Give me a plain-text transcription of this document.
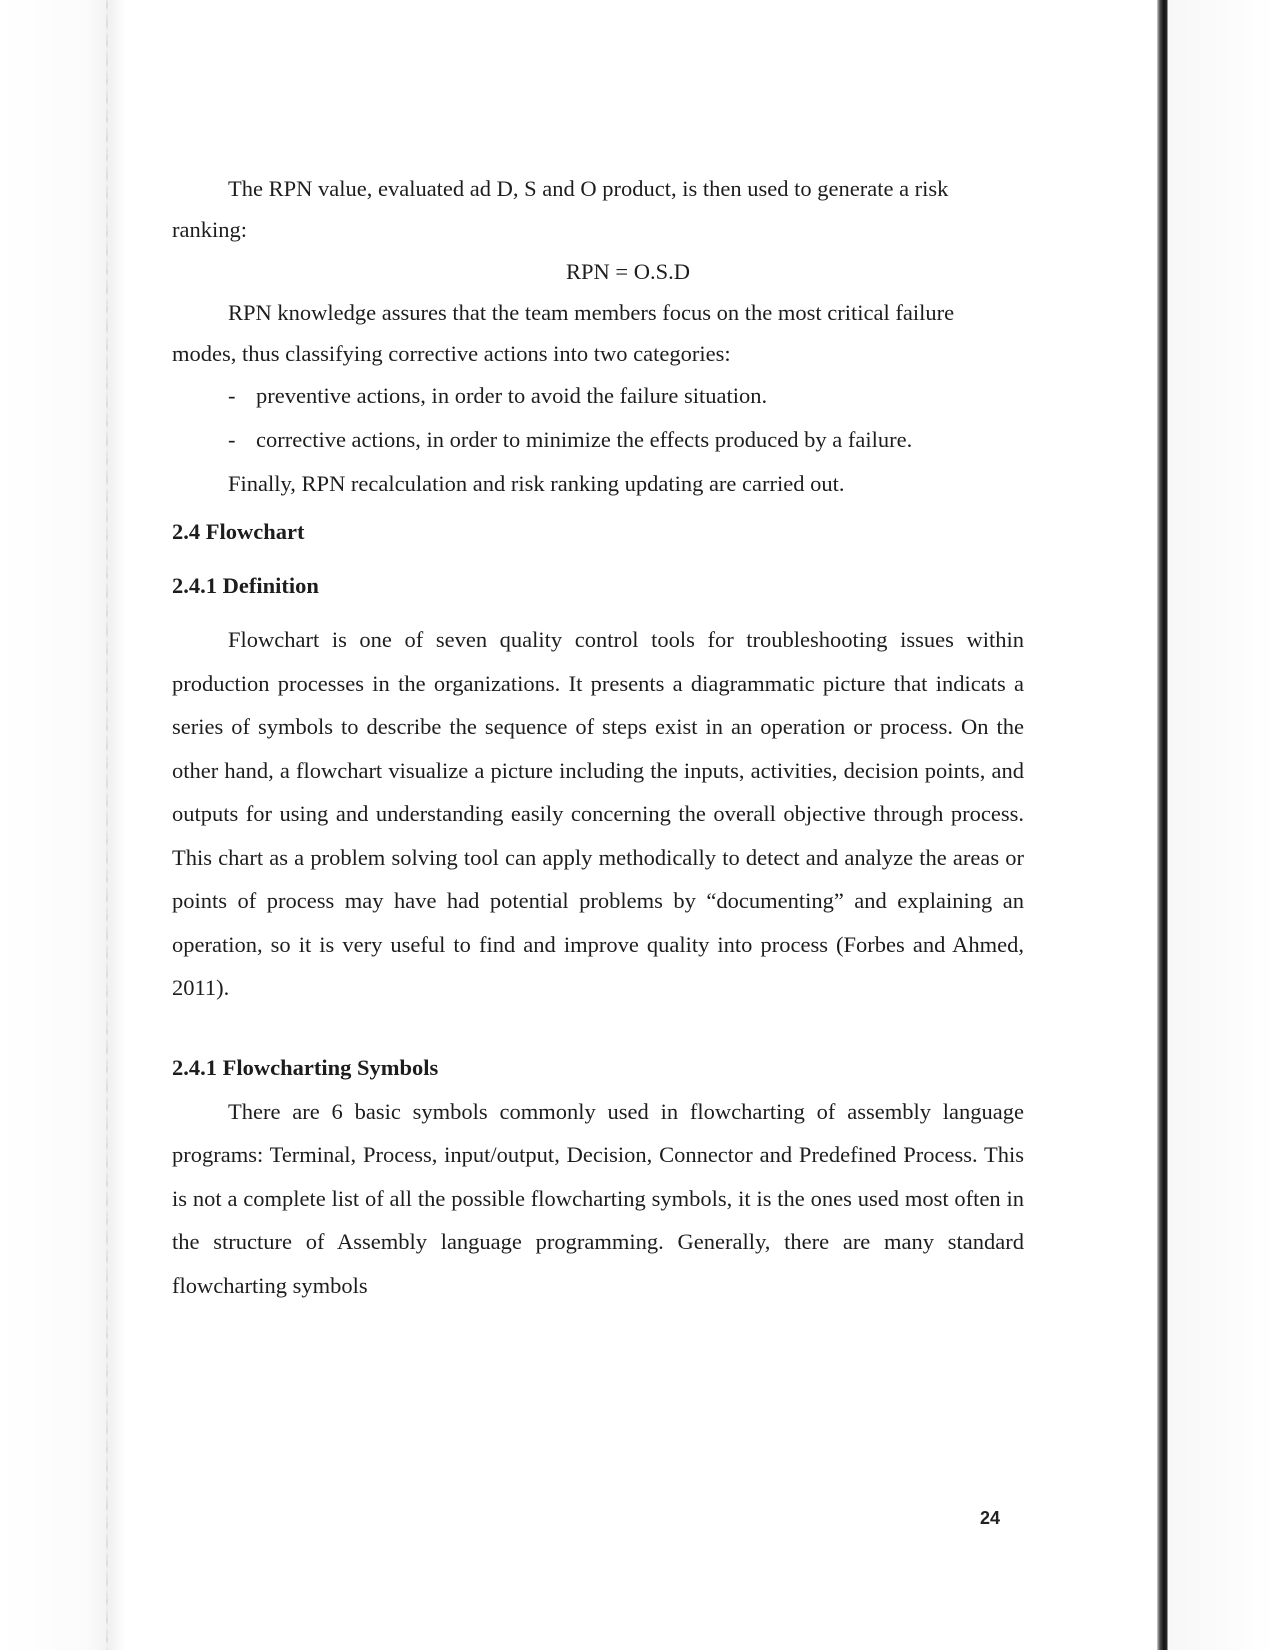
The RPN value, evaluated ad D, S and O product, is then used to generate a risk ranking:

RPN = O.S.D

RPN knowledge assures that the team members focus on the most critical failure modes, thus classifying corrective actions into two categories:

- preventive actions, in order to avoid the failure situation.
- corrective actions, in order to minimize the effects produced by a failure.

Finally, RPN recalculation and risk ranking updating are carried out.

2.4 Flowchart
2.4.1 Definition

Flowchart is one of seven quality control tools for troubleshooting issues within production processes in the organizations. It presents a diagrammatic picture that indicats a series of symbols to describe the sequence of steps exist in an operation or process. On the other hand, a flowchart visualize a picture including the inputs, activities, decision points, and outputs for using and understanding easily concerning the overall objective through process. This chart as a problem solving tool can apply methodically to detect and analyze the areas or points of process may have had potential problems by “documenting” and explaining an operation, so it is very useful to find and improve quality into process (Forbes and Ahmed, 2011).

2.4.1 Flowcharting Symbols

There are 6 basic symbols commonly used in flowcharting of assembly language programs: Terminal, Process, input/output, Decision, Connector and Predefined Process. This is not a complete list of all the possible flowcharting symbols, it is the ones used most often in the structure of Assembly language programming. Generally, there are many standard flowcharting symbols

24
